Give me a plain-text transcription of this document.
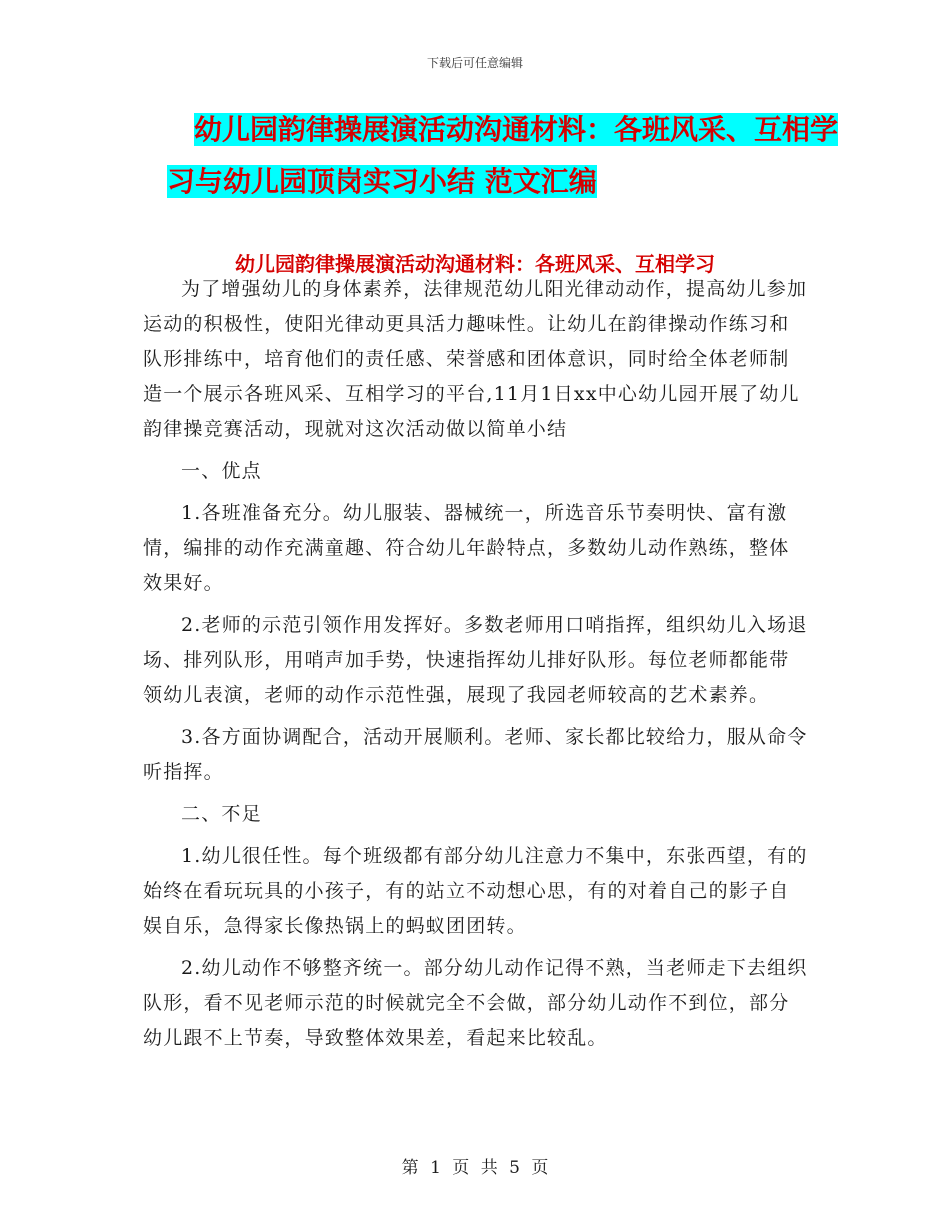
下载后可任意编辑
幼儿园韵律操展演活动沟通材料：各班风采、互相学
习与幼儿园顶岗实习小结 范文汇编
幼儿园韵律操展演活动沟通材料：各班风采、互相学习

为了增强幼儿的身体素养，法律规范幼儿阳光律动动作，提高幼儿参加运动的积极性，使阳光律动更具活力趣味性。让幼儿在韵律操动作练习和队形排练中，培育他们的责任感、荣誉感和团体意识，同时给全体老师制造一个展示各班风采、互相学习的平台,11月1日xx中心幼儿园开展了幼儿韵律操竞赛活动，现就对这次活动做以简单小结

一、优点

1.各班准备充分。幼儿服装、器械统一，所选音乐节奏明快、富有激情，编排的动作充满童趣、符合幼儿年龄特点，多数幼儿动作熟练，整体效果好。

2.老师的示范引领作用发挥好。多数老师用口哨指挥，组织幼儿入场退场、排列队形，用哨声加手势，快速指挥幼儿排好队形。每位老师都能带领幼儿表演，老师的动作示范性强，展现了我园老师较高的艺术素养。

3.各方面协调配合，活动开展顺利。老师、家长都比较给力，服从命令听指挥。

二、不足

1.幼儿很任性。每个班级都有部分幼儿注意力不集中，东张西望，有的始终在看玩玩具的小孩子，有的站立不动想心思，有的对着自己的影子自娱自乐，急得家长像热锅上的蚂蚁团团转。

2.幼儿动作不够整齐统一。部分幼儿动作记得不熟，当老师走下去组织队形，看不见老师示范的时候就完全不会做，部分幼儿动作不到位，部分幼儿跟不上节奏，导致整体效果差，看起来比较乱。

第 1 页 共 5 页
